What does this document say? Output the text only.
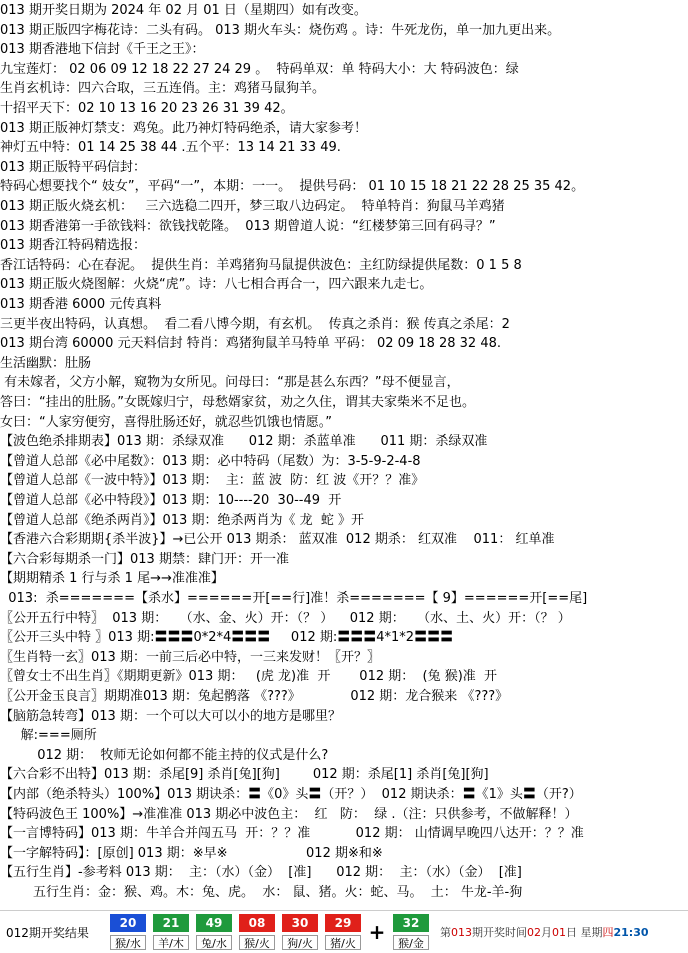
013 期开奖日期为 2024 年 02 月 01 日（星期四）如有改变。
013 期正版四字梅花诗：二头有码。 013 期火车头：烧伤鸡 。诗：牛死龙伤，单一加九更出来。
013 期香港地下信封《千王之王》：
九宝莲灯： 02 06 09 12 18 22 27 24 29 。  特码单双：单 特码大小：大 特码波色：绿
生肖玄机诗：四六合取，三五连俏。主：鸡猪马鼠狗羊。
十招平天下：02 10 13 16 20 23 26 31 39 42。
013 期正版神灯禁支：鸡兔。此乃神灯特码绝杀，请大家参考！
神灯五中特：01 14 25 38 44 .五个平：13 14 21 33 49.
013 期正版特平码信封：
特码心想要找个“ 妓女”，平码“一”，本期：一一。  提供号码： 01 10 15 18 21 22 28 25 35 42。
013 期正版火烧玄机：   三六选稳二四开，梦三取八边码定。  特单特肖：狗鼠马羊鸡猪
013 期香港第一手欲钱料：欲钱找乾隆。  013 期曾道人说：“红楼梦第三回有码寻？”
013 期香江特码精选报：
香江话特码：心在春泥。  提供生肖：羊鸡猪狗马鼠提供波色：主红防绿提供尾数：0 1 5 8
013 期正版火烧图解：火烧“虎”。诗：八七相合再合一，四六跟来九走七。
013 期香港 6000 元传真料
三更半夜出特码，认真想。  看二看八博今期，有玄机。  传真之杀肖：猴 传真之杀尾：2
013 期台湾 60000 元天料信封 特肖：鸡猪狗鼠羊马特单 平码： 02 09 18 28 32 48.
生活幽默：肚肠
有未嫁者，父方小解，窥物为女所见。问母曰：“那是甚么东西？”母不便显言，
答曰：“挂出的肚肠。”女既嫁归宁，母愁婿家贫，劝之久住，谓其夫家柴米不足也。
女曰：“人家穷便穷，喜得肚肠还好，就忍些饥饿也情愿。”
【波色绝杀排期表】013 期：杀绿双准      012 期：杀蓝单准      011 期：杀绿双准
【曾道人总部《必中尾数》：013 期：必中特码（尾数）为：3-5-9-2-4-8
【曾道人总部《一波中特》】013 期：  主：蓝 波  防：红 波《开？？准》
【曾道人总部《必中特段》】013 期：10----20  30--49  开
【曾道人总部《绝杀两肖》】013 期：绝杀两肖为《 龙  蛇 》开
【香港六合彩期期{杀半波}】→已公开 013 期杀： 蓝双准  012 期杀： 红双准    011： 红单准
【六合彩每期杀一门】013 期禁：肆门开：开一准
【期期精杀 1 行与杀 1 尾→→准准准】
013:  杀=======【杀水】======开[==行]准！杀=======【 9】======开[==尾]
〖公开五行中特〗  013 期：   （水、金、火）开：（？ ）    012 期：   （水、土、火）开：（？ ）
〖公开三头中特 〗013 期:〓〓〓0*2*4〓〓〓     012 期:〓〓〓4*1*2〓〓〓
〖生肖特一玄〗013 期：一前三后必中特，一三来发财！〖开？〗
〖曾女士不出生肖〗《期期更新》013 期：   (虎 龙)准  开       012 期：  (兔 猴)准  开
〖公开金玉良言〗期期准013 期：兔起鹘落 《???》            012 期：龙合猴来 《???》
【脑筋急转弯】013 期：一个可以大可以小的地方是哪里？
解:===厕所
012 期：  牧师无论如何都不能主持的仪式是什么?
【六合彩不出特】013 期：杀尾[9] 杀肖[兔][狗]        012 期：杀尾[1] 杀肖[兔][狗]
【内部（绝杀特头）100%】013 期诀杀：〓《0》头〓（开？）  012 期诀杀：〓《1》头〓（开?）
【特码波色王 100%】→准准准 013 期必中波色主：  红   防：  绿 .（注：只供参考，不做解释！）
【一言博特码】013 期：牛羊合并闯五马  开：？？准           012 期： 山情调早晚四八达开：？？准
【一字解特码】：[原创] 013 期：※早※                   012 期※和※
【五行生肖】-参考料 013 期：  主：（水）（金）  [准]      012 期：  主：（水）（金）  [准]
五行生肖：金：猴、鸡。木：兔、虎。  水： 鼠、猪。火：蛇、马。  土： 牛龙-羊-狗
012期开奖结果
20
猴/水
21
羊/木
49
兔/水
08
猴/火
30
狗/火
29
猪/火 +	32
猴/金
第013期开奖时间02月01日 星期四21:30
